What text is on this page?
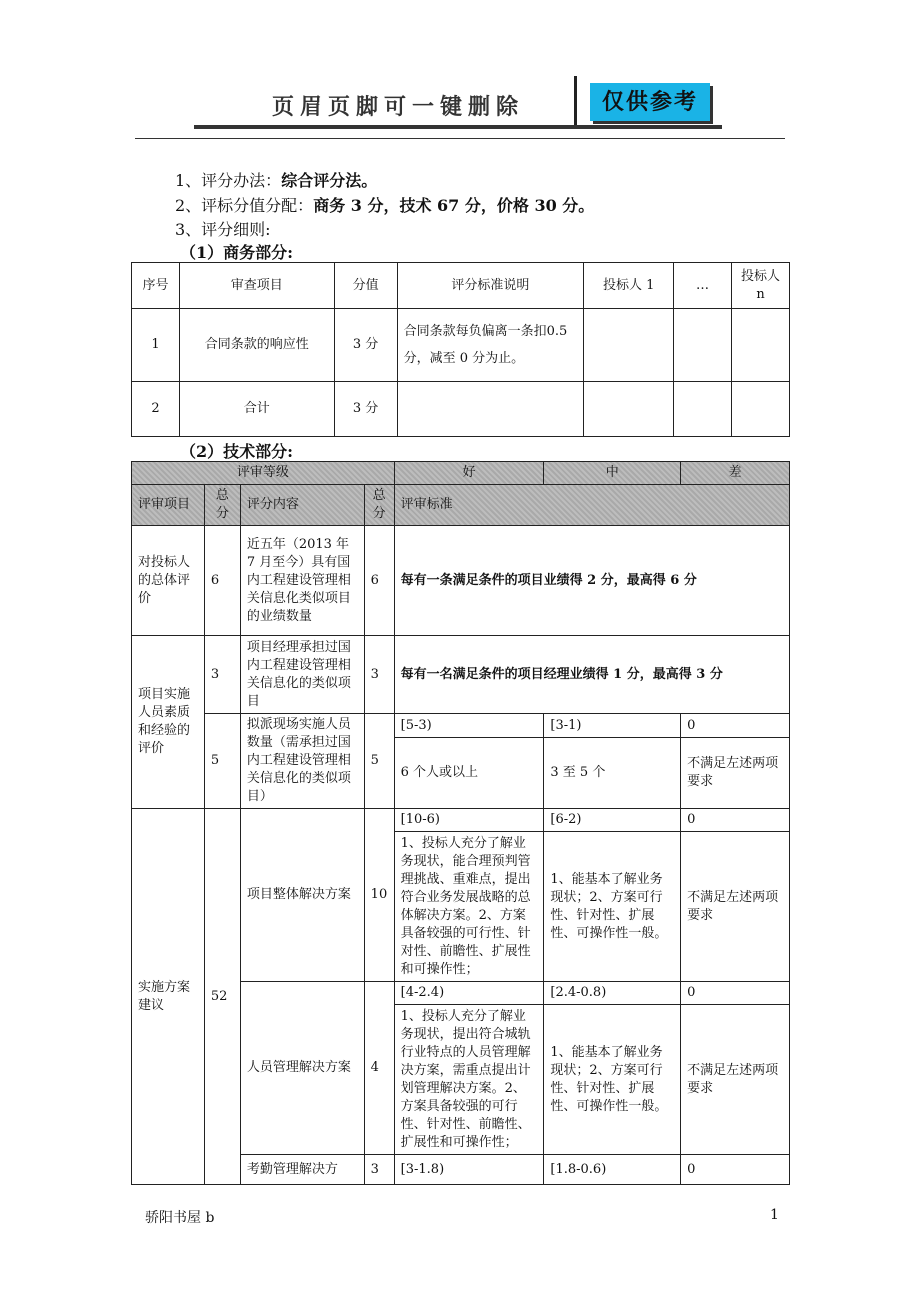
页眉页脚可一键删除	仅供参考
1、评分办法：综合评分法。
2、评标分值分配：商务 3 分，技术 67 分，价格 30 分。
3、评分细则:
（1）商务部分:
序号	审查项目	分值	评分标准说明	投标人 1	…	投标人 n
1	合同条款的响应性	3 分	合同条款每负偏离一条扣0.5 分，减至 0 分为止。			
2	合计	3 分				
（2）技术部分:
评审等级				好	中	差
评审项目	总分	评分内容	总分	评审标准		
对投标人的总体评价	6	近五年（2013 年 7 月至今）具有国内工程建设管理相关信息化类似项目的业绩数量	6	每有一条满足条件的项目业绩得 2 分，最高得 6 分		
项目实施人员素质和经验的评价	3	项目经理承担过国内工程建设管理相关信息化的类似项目	3	每有一名满足条件的项目经理业绩得 1 分，最高得 3 分		
	5	拟派现场实施人员数量（需承担过国内工程建设管理相关信息化的类似项目）	5	[5-3)	[3-1)	0
				6 个人或以上	3 至 5 个	不满足左述两项要求
实施方案建议	52	项目整体解决方案	10	[10-6)	[6-2)	0
				1、投标人充分了解业务现状，能合理预判管理挑战、重难点，提出符合业务发展战略的总体解决方案。2、方案具备较强的可行性、针对性、前瞻性、扩展性和可操作性；	1、能基本了解业务现状；2、方案可行性、针对性、扩展性、可操作性一般。	不满足左述两项要求
		人员管理解决方案	4	[4-2.4)	[2.4-0.8)	0
				1、投标人充分了解业务现状，提出符合城轨行业特点的人员管理解决方案，需重点提出计划管理解决方案。2、方案具备较强的可行性、针对性、前瞻性、扩展性和可操作性；	1、能基本了解业务现状；2、方案可行性、针对性、扩展性、可操作性一般。	不满足左述两项要求
		考勤管理解决方	3	[3-1.8)	[1.8-0.6)	0
骄阳书屋 b	1
